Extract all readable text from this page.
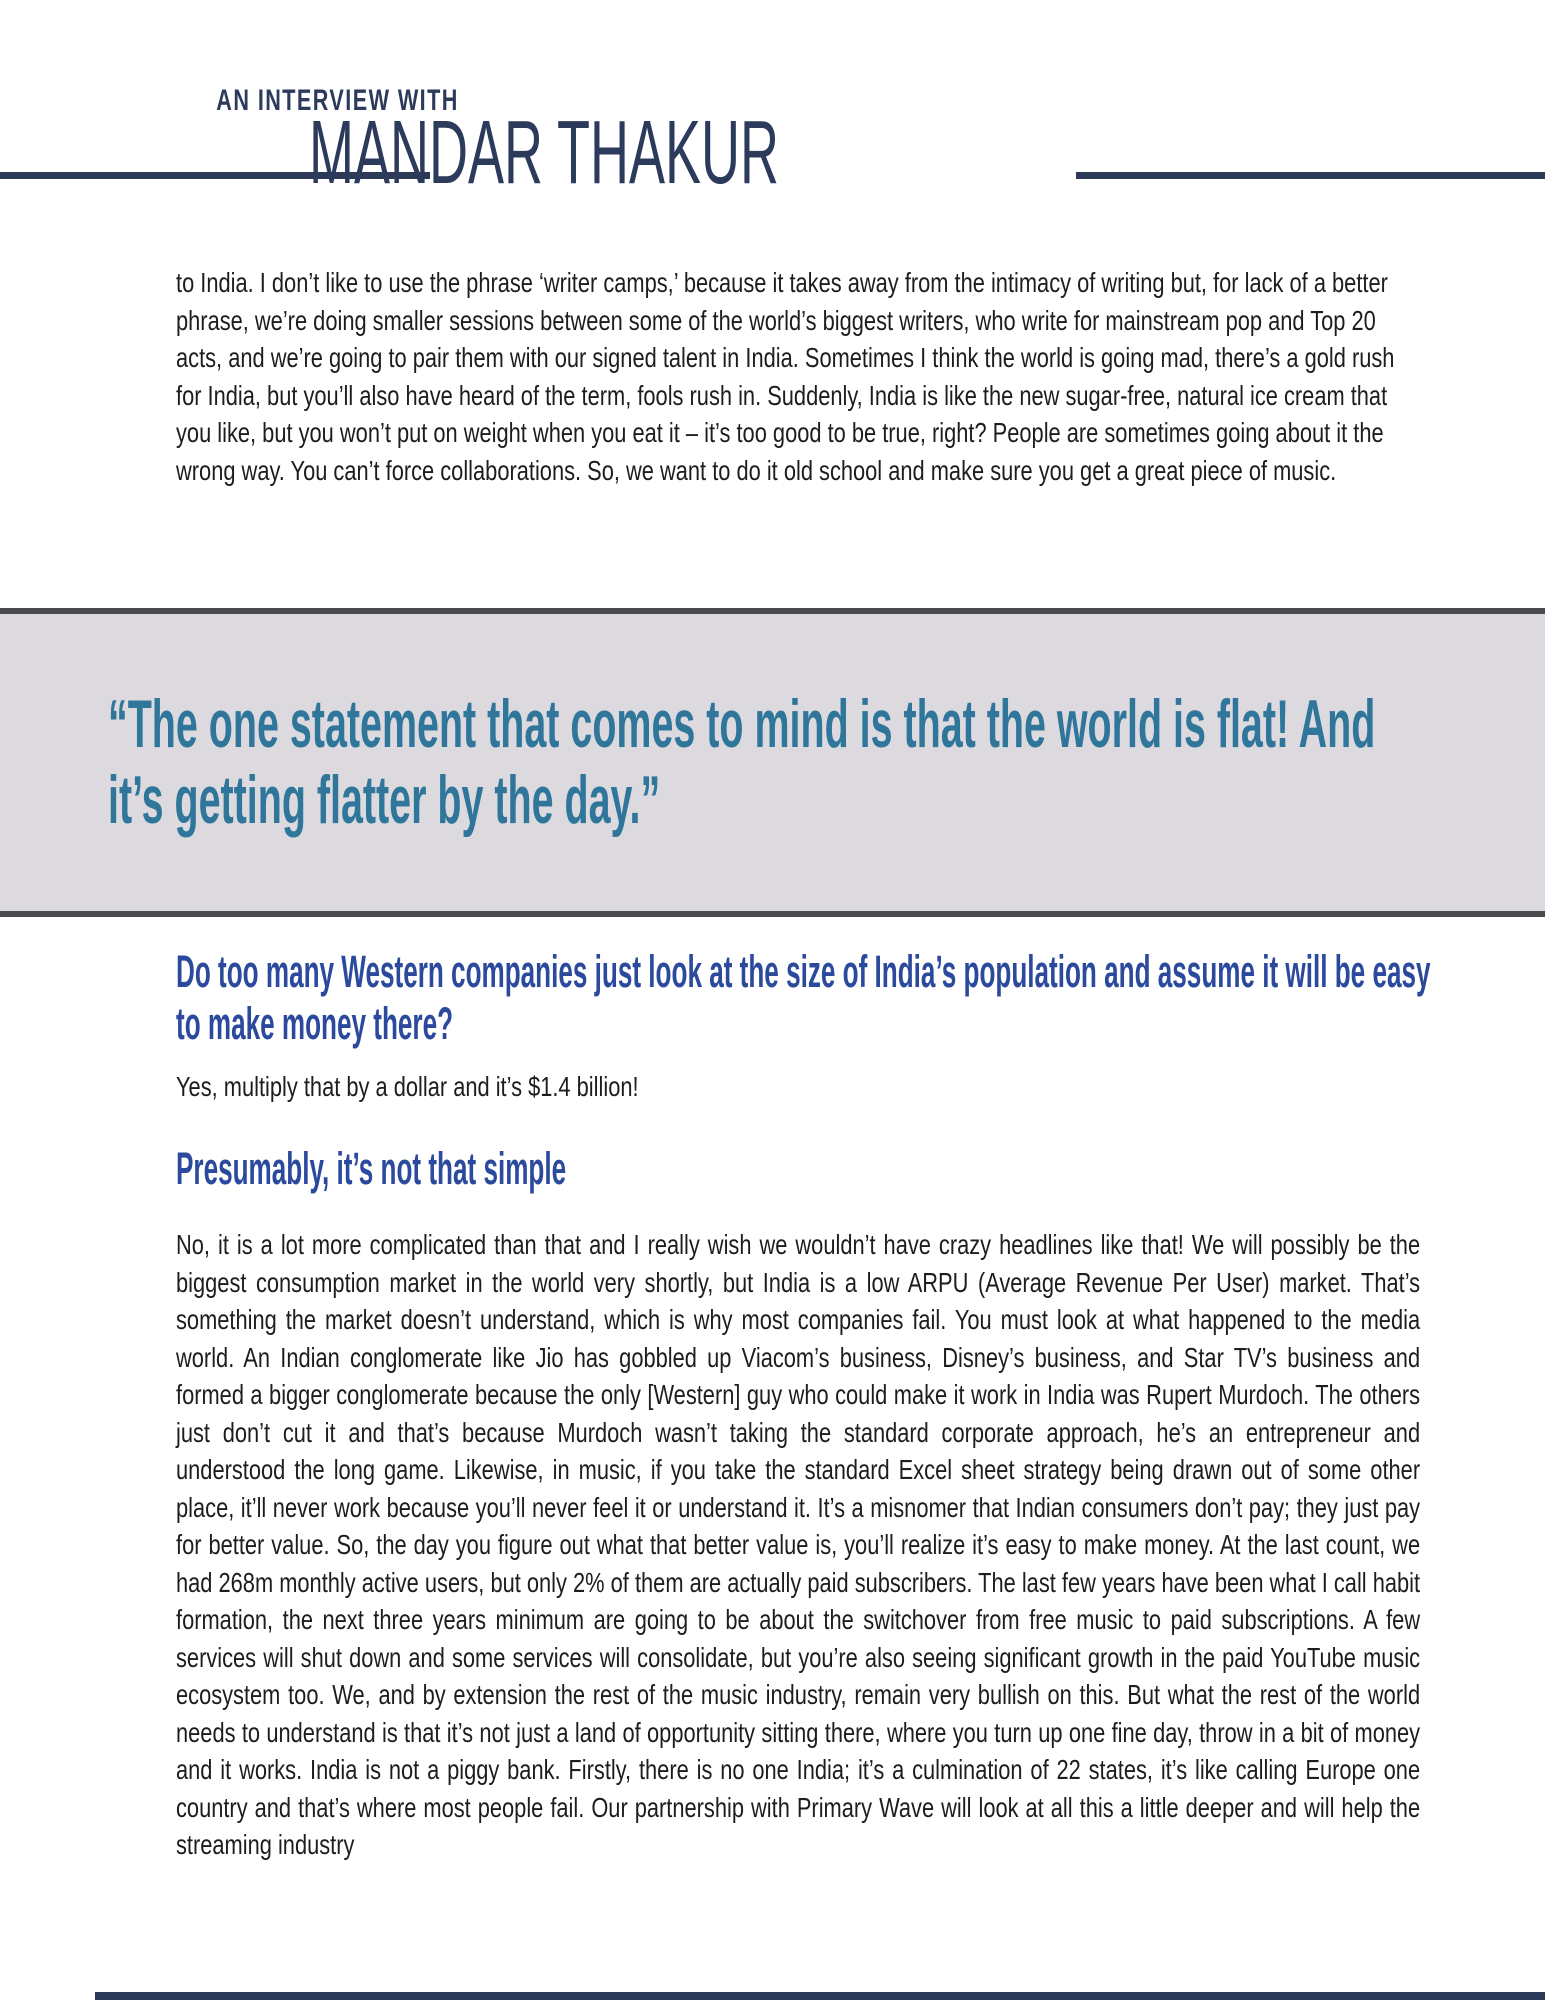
AN INTERVIEW WITH
MANDAR THAKUR

to India. I don’t like to use the phrase ‘writer camps,’ because it takes away from the intimacy of writing but, for lack of a better phrase, we’re doing smaller sessions between some of the world’s biggest writers, who write for mainstream pop and Top 20 acts, and we’re going to pair them with our signed talent in India. Sometimes I think the world is going mad, there’s a gold rush for India, but you’ll also have heard of the term, fools rush in. Suddenly, India is like the new sugar-free, natural ice cream that you like, but you won’t put on weight when you eat it – it’s too good to be true, right? People are sometimes going about it the wrong way. You can’t force collaborations. So, we want to do it old school and make sure you get a great piece of music.

“The one statement that comes to mind is that the world is flat! And it’s getting flatter by the day.”

Do too many Western companies just look at the size of India’s population and assume it will be easy to make money there?

Yes, multiply that by a dollar and it’s $1.4 billion!

Presumably, it’s not that simple

No, it is a lot more complicated than that and I really wish we wouldn’t have crazy headlines like that! We will possibly be the biggest consumption market in the world very shortly, but India is a low ARPU (Average Revenue Per User) market. That’s something the market doesn’t understand, which is why most companies fail. You must look at what happened to the media world. An Indian conglomerate like Jio has gobbled up Viacom’s business, Disney’s business, and Star TV’s business and formed a bigger conglomerate because the only [Western] guy who could make it work in India was Rupert Murdoch. The others just don’t cut it and that’s because Murdoch wasn’t taking the standard corporate approach, he’s an entrepreneur and understood the long game. Likewise, in music, if you take the standard Excel sheet strategy being drawn out of some other place, it’ll never work because you’ll never feel it or understand it. It’s a misnomer that Indian consumers don’t pay; they just pay for better value. So, the day you figure out what that better value is, you’ll realize it’s easy to make money. At the last count, we had 268m monthly active users, but only 2% of them are actually paid subscribers. The last few years have been what I call habit formation, the next three years minimum are going to be about the switchover from free music to paid subscriptions. A few services will shut down and some services will consolidate, but you’re also seeing significant growth in the paid YouTube music ecosystem too. We, and by extension the rest of the music industry, remain very bullish on this. But what the rest of the world needs to understand is that it’s not just a land of opportunity sitting there, where you turn up one fine day, throw in a bit of money and it works. India is not a piggy bank. Firstly, there is no one India; it’s a culmination of 22 states, it’s like calling Europe one country and that’s where most people fail. Our partnership with Primary Wave will look at all this a little deeper and will help the streaming industry
